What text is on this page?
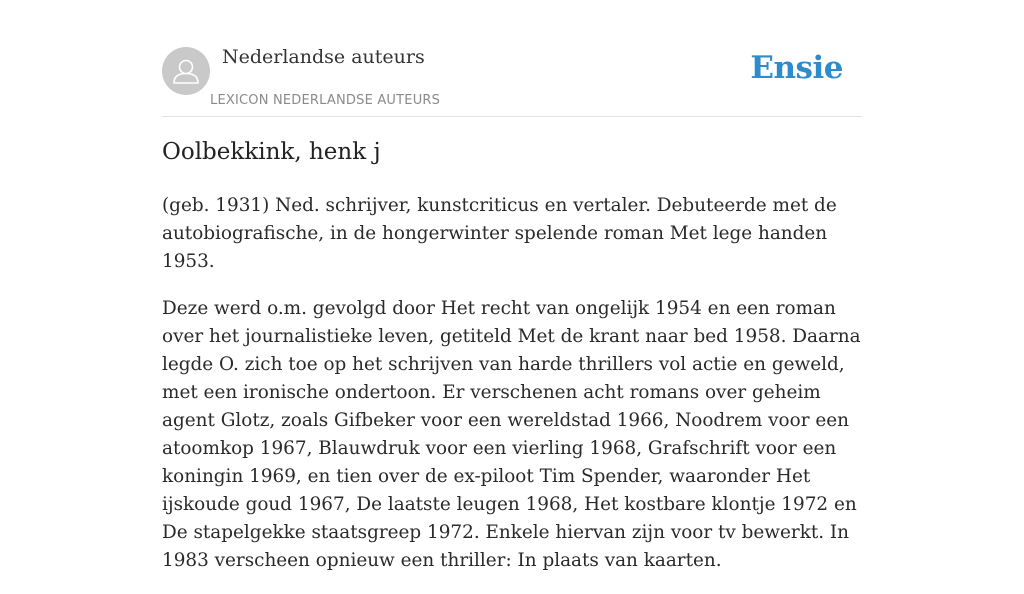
Nederlandse auteurs
LEXICON NEDERLANDSE AUTEURS
Ensie
Oolbekkink, henk j

(geb. 1931) Ned. schrijver, kunstcriticus en vertaler. Debuteerde met de autobiografische, in de hongerwinter spelende roman Met lege handen 1953.

Deze werd o.m. gevolgd door Het recht van ongelijk 1954 en een roman over het journalistieke leven, getiteld Met de krant naar bed 1958. Daarna legde O. zich toe op het schrijven van harde thrillers vol actie en geweld, met een ironische ondertoon. Er verschenen acht romans over geheim agent Glotz, zoals Gifbeker voor een wereldstad 1966, Noodrem voor een atoomkop 1967, Blauwdruk voor een vierling 1968, Grafschrift voor een koningin 1969, en tien over de ex-piloot Tim Spender, waaronder Het ijskoude goud 1967, De laatste leugen 1968, Het kostbare klontje 1972 en De stapelgekke staatsgreep 1972. Enkele hiervan zijn voor tv bewerkt. In 1983 verscheen opnieuw een thriller: In plaats van kaarten.
